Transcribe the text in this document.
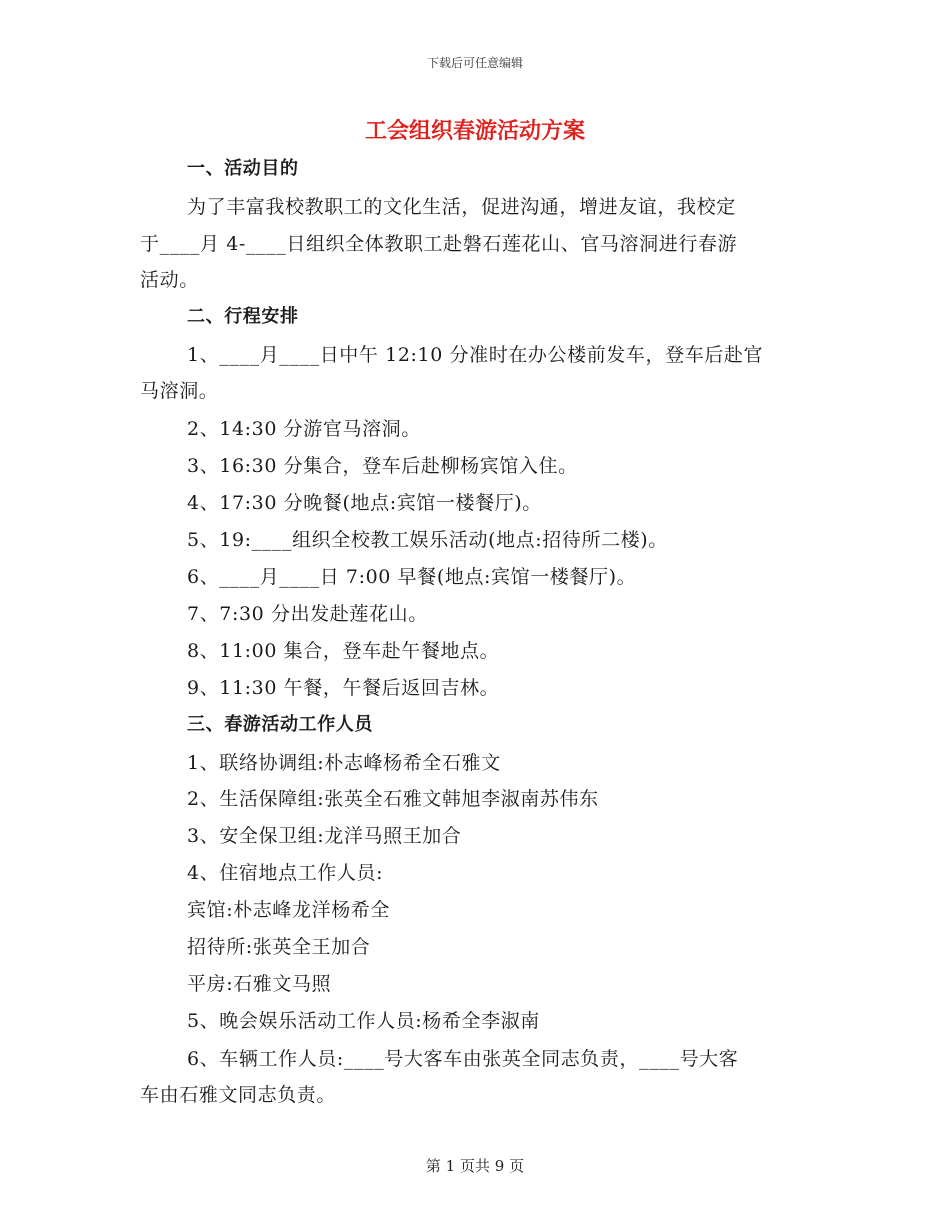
下载后可任意编辑
工会组织春游活动方案
一、活动目的
为了丰富我校教职工的文化生活，促进沟通，增进友谊，我校定
于____月 4-____日组织全体教职工赴磐石莲花山、官马溶洞进行春游
活动。
二、行程安排
1、____月____日中午 12:10 分准时在办公楼前发车，登车后赴官
马溶洞。
2、14:30 分游官马溶洞。
3、16:30 分集合，登车后赴柳杨宾馆入住。
4、17:30 分晚餐(地点:宾馆一楼餐厅)。
5、19:____组织全校教工娱乐活动(地点:招待所二楼)。
6、____月____日 7:00 早餐(地点:宾馆一楼餐厅)。
7、7:30 分出发赴莲花山。
8、11:00 集合，登车赴午餐地点。
9、11:30 午餐，午餐后返回吉林。
三、春游活动工作人员
1、联络协调组:朴志峰杨希全石雅文
2、生活保障组:张英全石雅文韩旭李淑南苏伟东
3、安全保卫组:龙洋马照王加合
4、住宿地点工作人员:
宾馆:朴志峰龙洋杨希全
招待所:张英全王加合
平房:石雅文马照
5、晚会娱乐活动工作人员:杨希全李淑南
6、车辆工作人员:____号大客车由张英全同志负责，____号大客
车由石雅文同志负责。
第 1 页共 9 页
